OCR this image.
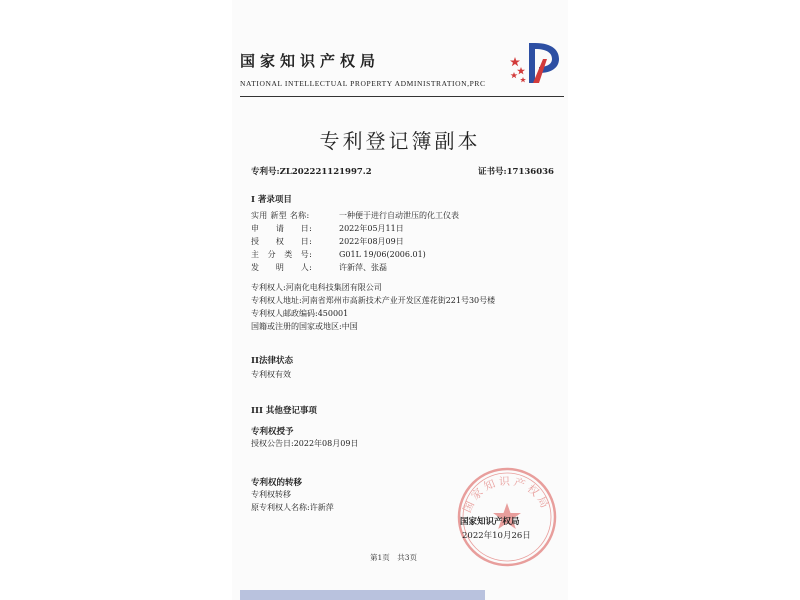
国家知识产权局
NATIONAL INTELLECTUAL PROPERTY ADMINISTRATION,PRC
专利登记簿副本
专利号:ZL202221121997.2	证书号:17136036
I 著录项目
实用 新型 名称:	一种便于进行自动泄压的化工仪表
申　　请　　日:	2022年05月11日
授　　权　　日:	2022年08月09日
主　分　类　号:	G01L 19/06(2006.01)
发　　明　　人:	许新萍、张磊
专利权人:河南化电科技集团有限公司
专利权人地址:河南省郑州市高新技术产业开发区莲花街221号30号楼
专利权人邮政编码:450001
国籍或注册的国家或地区:中国
II法律状态
专利权有效
III 其他登记事项
专利权授予
授权公告日:2022年08月09日
专利权的转移
专利权转移
原专利权人名称:许新萍	国家知识产权局
国家知识产权局
2022年10月26日
第1页　共3页
